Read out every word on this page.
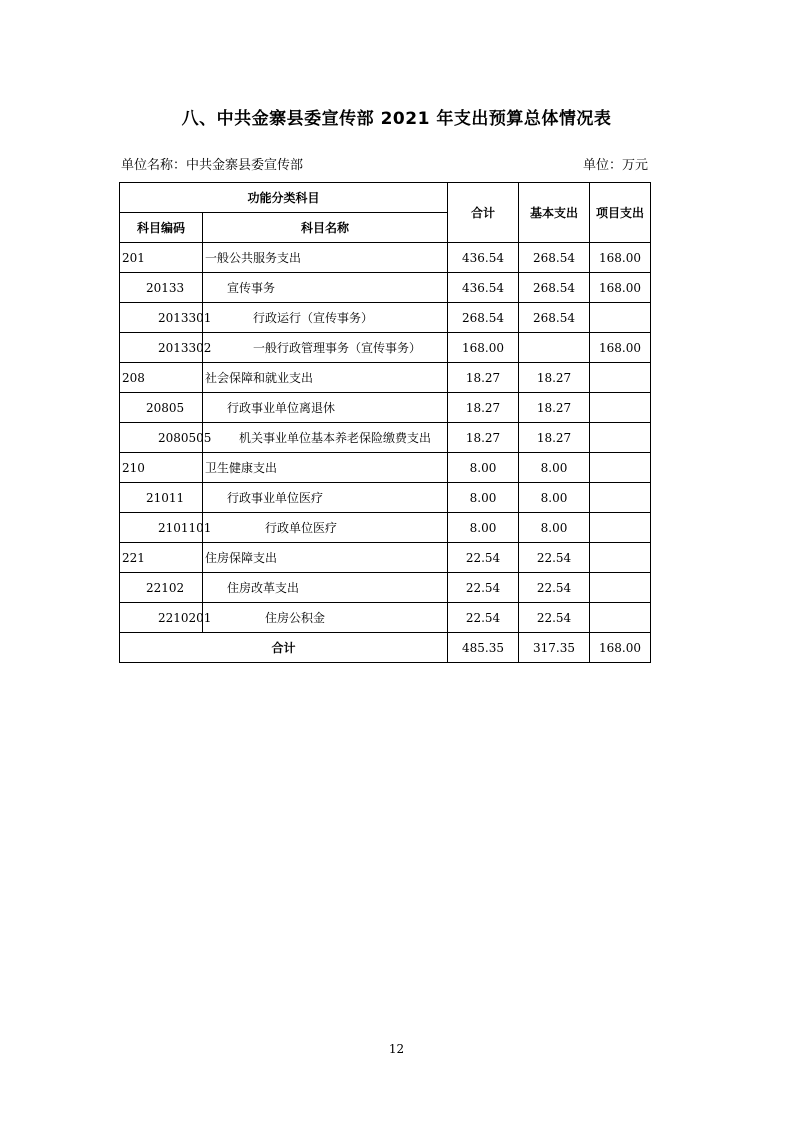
八、中共金寨县委宣传部 2021 年支出预算总体情况表
单位名称：中共金寨县委宣传部	单位：万元
功能分类科目		合计	基本支出	项目支出
科目编码	科目名称			
201	一般公共服务支出	436.54	268.54	168.00
20133	宣传事务	436.54	268.54	168.00
2013301	行政运行（宣传事务）	268.54	268.54	
2013302	一般行政管理事务（宣传事务）	168.00		168.00
208	社会保障和就业支出	18.27	18.27	
20805	行政事业单位离退休	18.27	18.27	
2080505	机关事业单位基本养老保险缴费支出	18.27	18.27	
210	卫生健康支出	8.00	8.00	
21011	行政事业单位医疗	8.00	8.00	
2101101	行政单位医疗	8.00	8.00	
221	住房保障支出	22.54	22.54	
22102	住房改革支出	22.54	22.54	
2210201	住房公积金	22.54	22.54	
合计		485.35	317.35	168.00
12
